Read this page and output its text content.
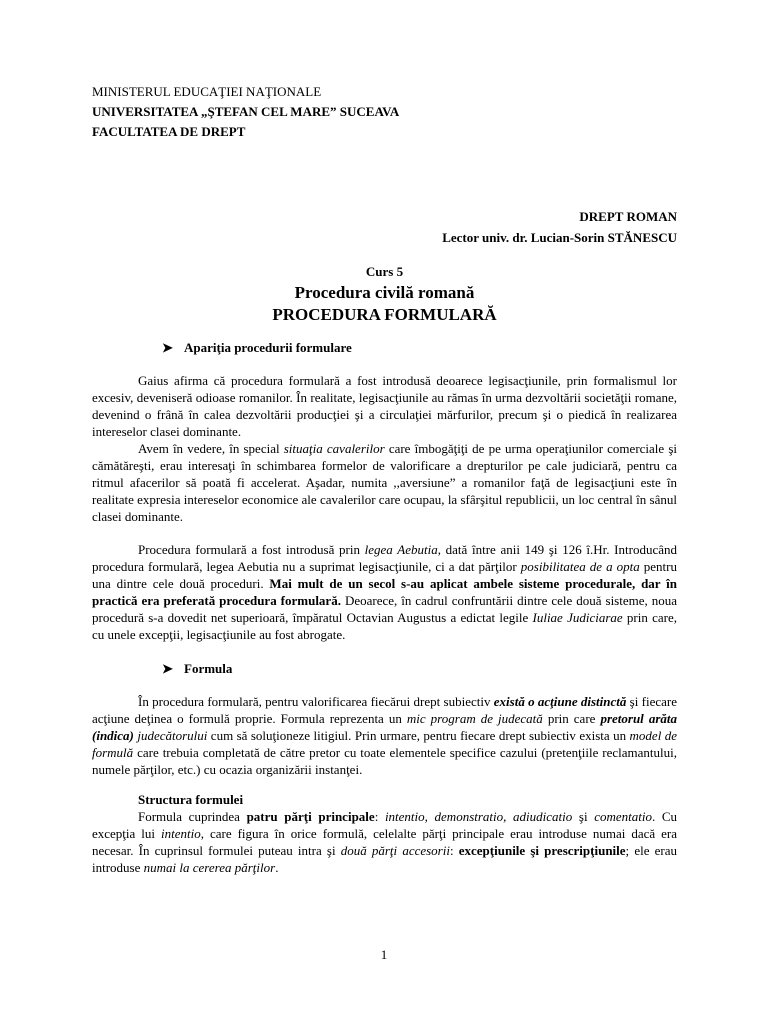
MINISTERUL EDUCAŢIEI NAŢIONALE
UNIVERSITATEA „ŞTEFAN CEL MARE” SUCEAVA
FACULTATEA DE DREPT
DREPT ROMAN
Lector univ. dr. Lucian-Sorin STĂNESCU
Curs 5
Procedura civilă romană
PROCEDURA FORMULARĂ
➤ Apariţia procedurii formulare

Gaius afirma că procedura formulară a fost introdusă deoarece legisacţiunile, prin formalismul lor excesiv, deveniseră odioase romanilor. În realitate, legisacţiunile au rămas în urma dezvoltării societăţii romane, devenind o frână în calea dezvoltării producţiei şi a circulaţiei mărfurilor, precum şi o piedică în realizarea intereselor clasei dominante.

Avem în vedere, în special situaţia cavalerilor care îmbogăţiţi de pe urma operaţiunilor comerciale şi cămătăreşti, erau interesaţi în schimbarea formelor de valorificare a drepturilor pe cale judiciară, pentru ca ritmul afacerilor să poată fi accelerat. Aşadar, numita ,,aversiune” a romanilor faţă de legisacţiuni este în realitate expresia intereselor economice ale cavalerilor care ocupau, la sfârşitul republicii, un loc central în sânul clasei dominante.

Procedura formulară a fost introdusă prin legea Aebutia, dată între anii 149 şi 126 î.Hr. Introducând procedura formulară, legea Aebutia nu a suprimat legisacţiunile, ci a dat părţilor posibilitatea de a opta pentru una dintre cele două proceduri. Mai mult de un secol s-au aplicat ambele sisteme procedurale, dar în practică era preferată procedura formulară. Deoarece, în cadrul confruntării dintre cele două sisteme, noua procedură s-a dovedit net superioară, împăratul Octavian Augustus a edictat legile Iuliae Judiciarae prin care, cu unele excepţii, legisacţiunile au fost abrogate.

➤ Formula

În procedura formulară, pentru valorificarea fiecărui drept subiectiv există o acţiune distinctă şi fiecare acţiune deţinea o formulă proprie. Formula reprezenta un mic program de judecată prin care pretorul arăta (indica) judecătorului cum să soluţioneze litigiul. Prin urmare, pentru fiecare drept subiectiv exista un model de formulă care trebuia completată de către pretor cu toate elementele specifice cazului (pretenţiile reclamantului, numele părţilor, etc.) cu ocazia organizării instanţei.

Structura formulei

Formula cuprindea patru părţi principale: intentio, demonstratio, adiudicatio şi comentatio. Cu excepţia lui intentio, care figura în orice formulă, celelalte părţi principale erau introduse numai dacă era necesar. În cuprinsul formulei puteau intra şi două părţi accesorii: excepţiunile şi prescripţiunile; ele erau introduse numai la cererea părţilor.

1
